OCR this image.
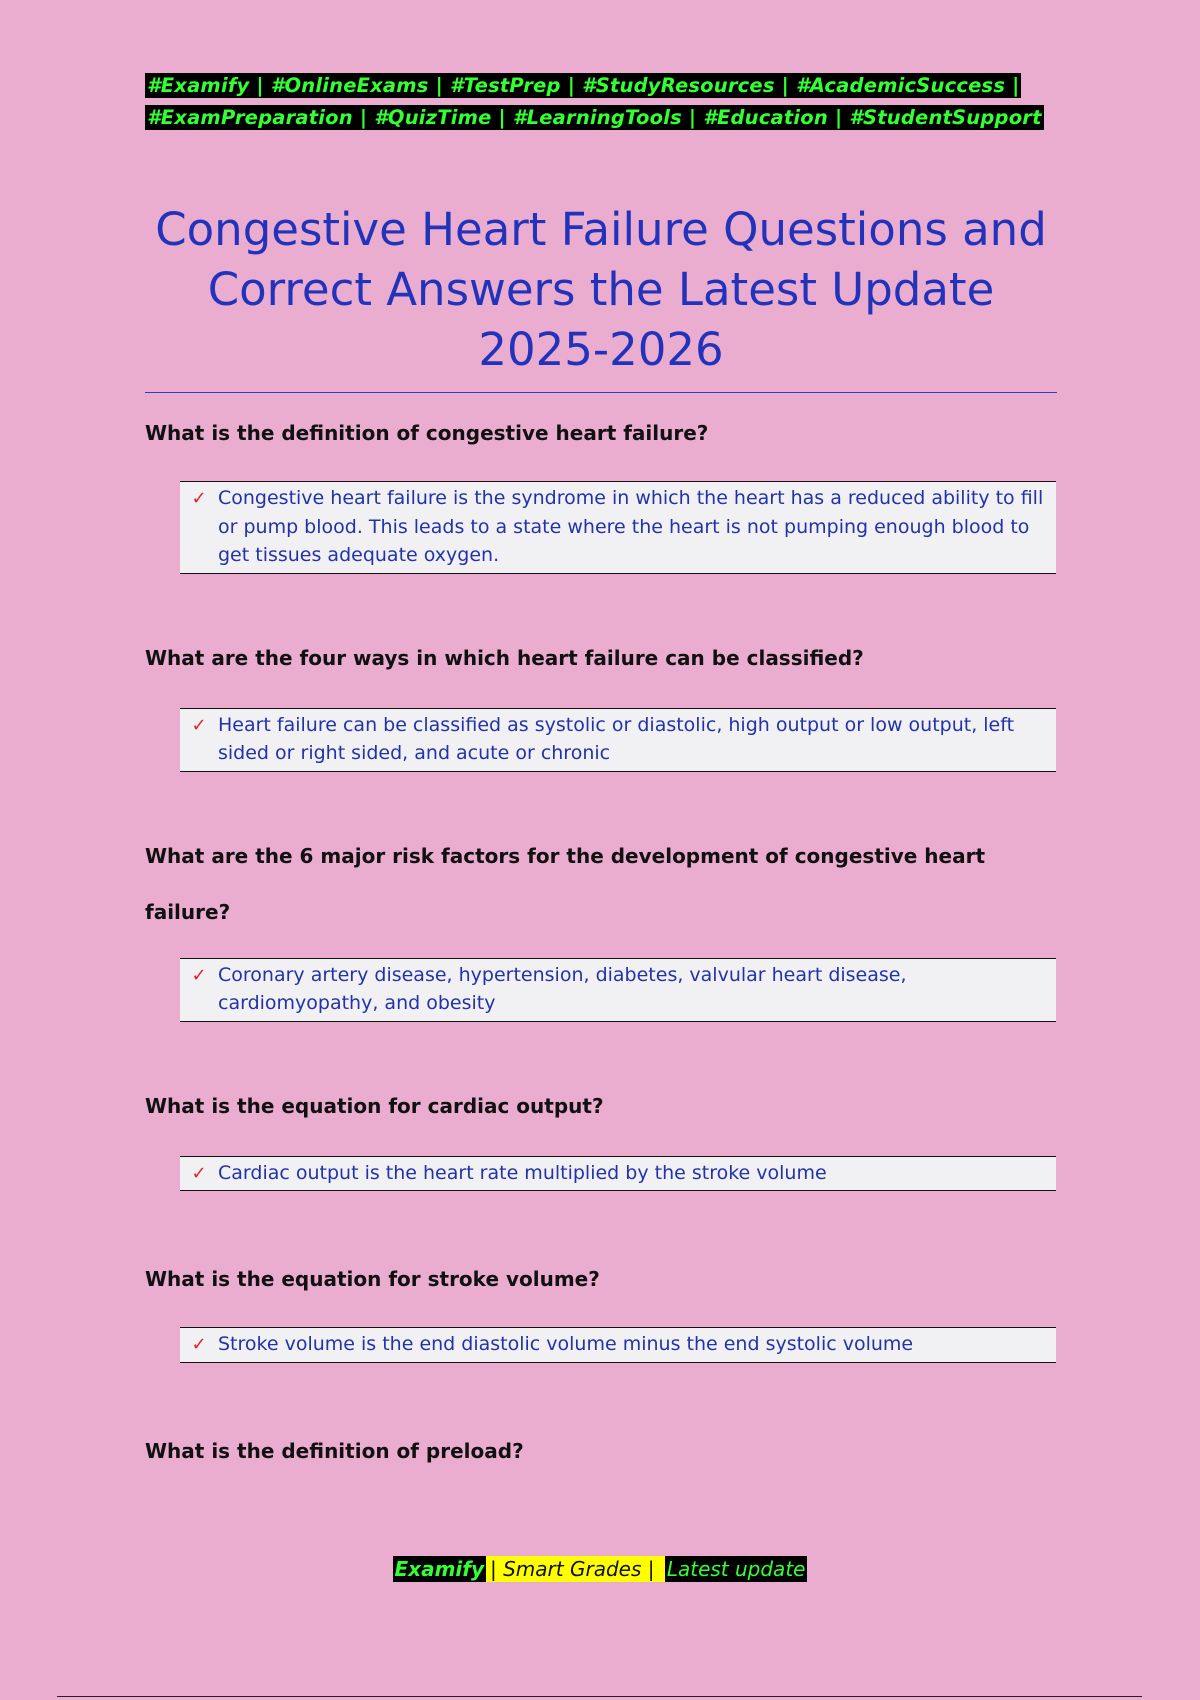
#Examify | #OnlineExams | #TestPrep | #StudyResources | #AcademicSuccess |
#ExamPreparation | #QuizTime | #LearningTools | #Education | #StudentSupport
Congestive Heart Failure Questions and Correct Answers the Latest Update 2025-2026
What is the definition of congestive heart failure?
✓ Congestive heart failure is the syndrome in which the heart has a reduced ability to fill or pump blood. This leads to a state where the heart is not pumping enough blood to get tissues adequate oxygen.
What are the four ways in which heart failure can be classified?
✓ Heart failure can be classified as systolic or diastolic, high output or low output, left sided or right sided, and acute or chronic
What are the 6 major risk factors for the development of congestive heart failure?
✓ Coronary artery disease, hypertension, diabetes, valvular heart disease, cardiomyopathy, and obesity
What is the equation for cardiac output?
✓ Cardiac output is the heart rate multiplied by the stroke volume
What is the equation for stroke volume?
✓ Stroke volume is the end diastolic volume minus the end systolic volume
What is the definition of preload?
Examify | Smart Grades | Latest update
